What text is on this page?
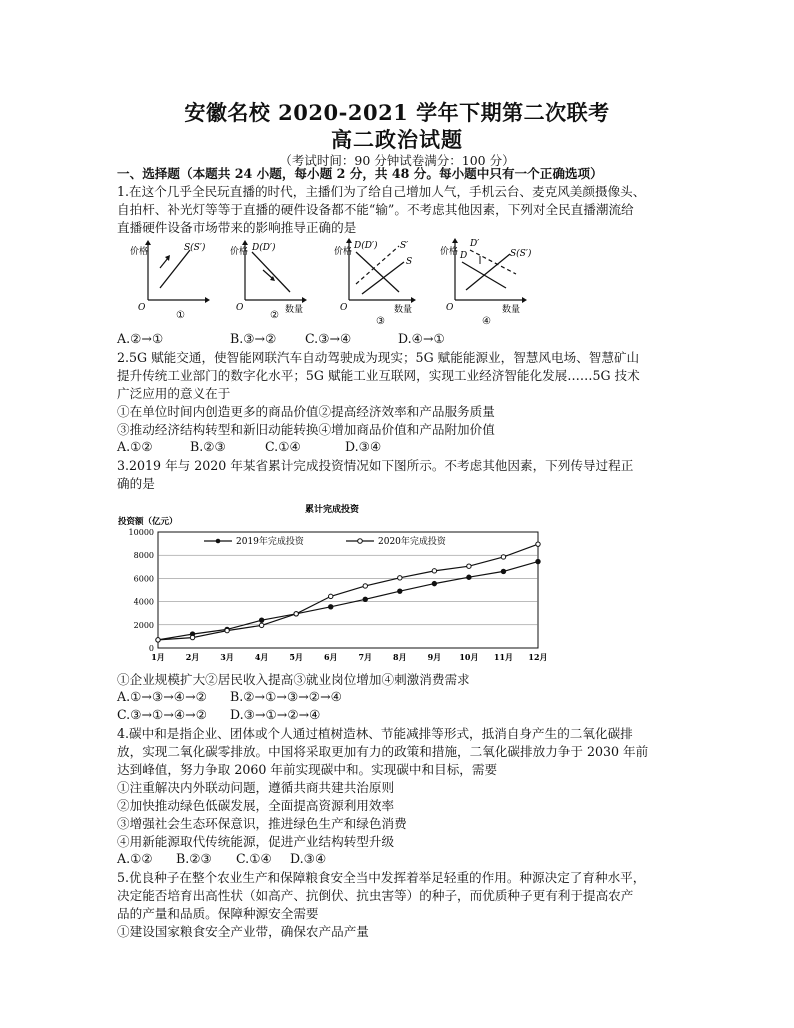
安徽名校 2020-2021 学年下期第二次联考
高二政治试题
（考试时间：90 分钟试卷满分：100 分）
一、选择题（本题共 24 小题，每小题 2 分，共 48 分。每小题中只有一个正确选项）
1.在这个几乎全民玩直播的时代，主播们为了给自己增加人气，手机云台、麦克风美颜摄像头、
自拍杆、补光灯等等于直播的硬件设备都不能“输”。不考虑其他因素，下列对全民直播潮流给
直播硬件设备市场带来的影响推导正确的是
价格
O
S(S′)
①
价格
O	数量
D(D′)
②
价格
O	数量
D(D′)	S′
S
③
价格
O	数量
D′
D	S(S′)
④
A.②→①	B.③→② C.③→④	D.④→①
2.5G 赋能交通，使智能网联汽车自动驾驶成为现实；5G 赋能能源业，智慧风电场、智慧矿山
提升传统工业部门的数字化水平；5G 赋能工业互联网，实现工业经济智能化发展……5G 技术
广泛应用的意义在于
①在单位时间内创造更多的商品价值②提高经济效率和产品服务质量
③推动经济结构转型和新旧动能转换④增加商品价值和产品附加价值
A.①②	B.②③	C.①④	D.③④
3.2019 年与 2020 年某省累计完成投资情况如下图所示。不考虑其他因素，下列传导过程正
确的是
累计完成投资
投资额（亿元）
0
2000
4000
6000
8000
10000
1月	2月	3月	4月	5月	6月	7月	8月	9月 10月 11月 12月
2019年完成投资	2020年完成投资
①企业规模扩大②居民收入提高③就业岗位增加④刺激消费需求
A.①→③→④→② B.②→①→③→②→④
C.③→①→④→② D.③→①→②→④
4.碳中和是指企业、团体或个人通过植树造林、节能减排等形式，抵消自身产生的二氧化碳排
放，实现二氧化碳零排放。中国将采取更加有力的政策和措施，二氧化碳排放力争于 2030 年前
达到峰值，努力争取 2060 年前实现碳中和。实现碳中和目标，需要
①注重解决内外联动问题，遵循共商共建共治原则
②加快推动绿色低碳发展，全面提高资源利用效率
③增强社会生态环保意识，推进绿色生产和绿色消费
④用新能源取代传统能源，促进产业结构转型升级
A.①② B.②③ C.①④ D.③④
5.优良种子在整个农业生产和保障粮食安全当中发挥着举足轻重的作用。种源决定了育种水平，
决定能否培育出高性状（如高产、抗倒伏、抗虫害等）的种子，而优质种子更有利于提高农产
品的产量和品质。保障种源安全需要
①建设国家粮食安全产业带，确保农产品产量
